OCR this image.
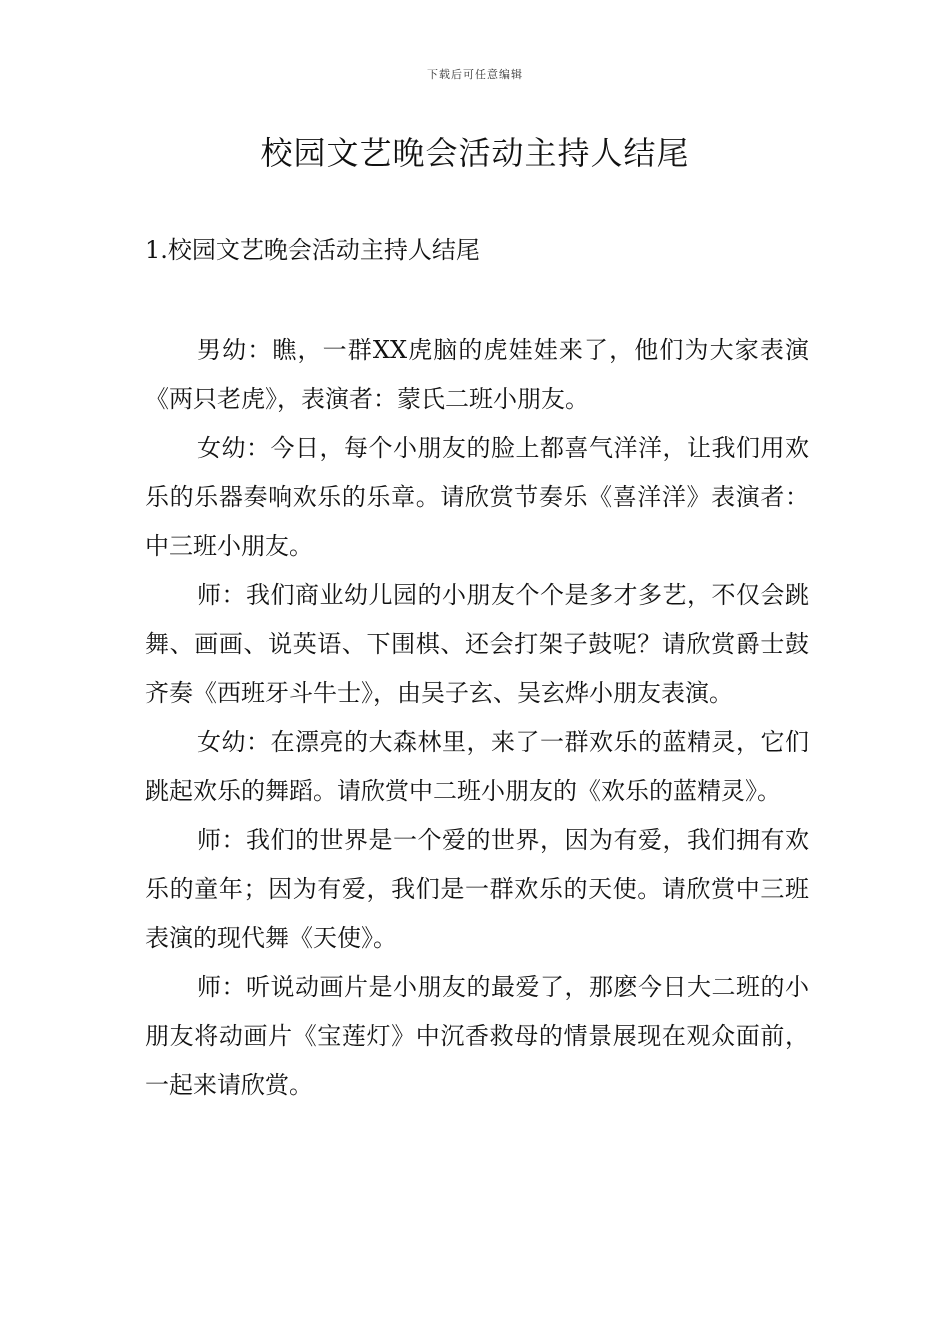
下载后可任意编辑
校园文艺晚会活动主持人结尾
1.校园文艺晚会活动主持人结尾

男幼：瞧，一群XX虎脑的虎娃娃来了，他们为大家表演《两只老虎》，表演者：蒙氏二班小朋友。

女幼：今日，每个小朋友的脸上都喜气洋洋，让我们用欢乐的乐器奏响欢乐的乐章。请欣赏节奏乐《喜洋洋》表演者：中三班小朋友。

师：我们商业幼儿园的小朋友个个是多才多艺，不仅会跳舞、画画、说英语、下围棋、还会打架子鼓呢？请欣赏爵士鼓齐奏《西班牙斗牛士》，由吴子玄、吴玄烨小朋友表演。

女幼：在漂亮的大森林里，来了一群欢乐的蓝精灵，它们跳起欢乐的舞蹈。请欣赏中二班小朋友的《欢乐的蓝精灵》。

师：我们的世界是一个爱的世界，因为有爱，我们拥有欢乐的童年；因为有爱，我们是一群欢乐的天使。请欣赏中三班表演的现代舞《天使》。

师：听说动画片是小朋友的最爱了，那麽今日大二班的小朋友将动画片《宝莲灯》中沉香救母的情景展现在观众面前，一起来请欣赏。
